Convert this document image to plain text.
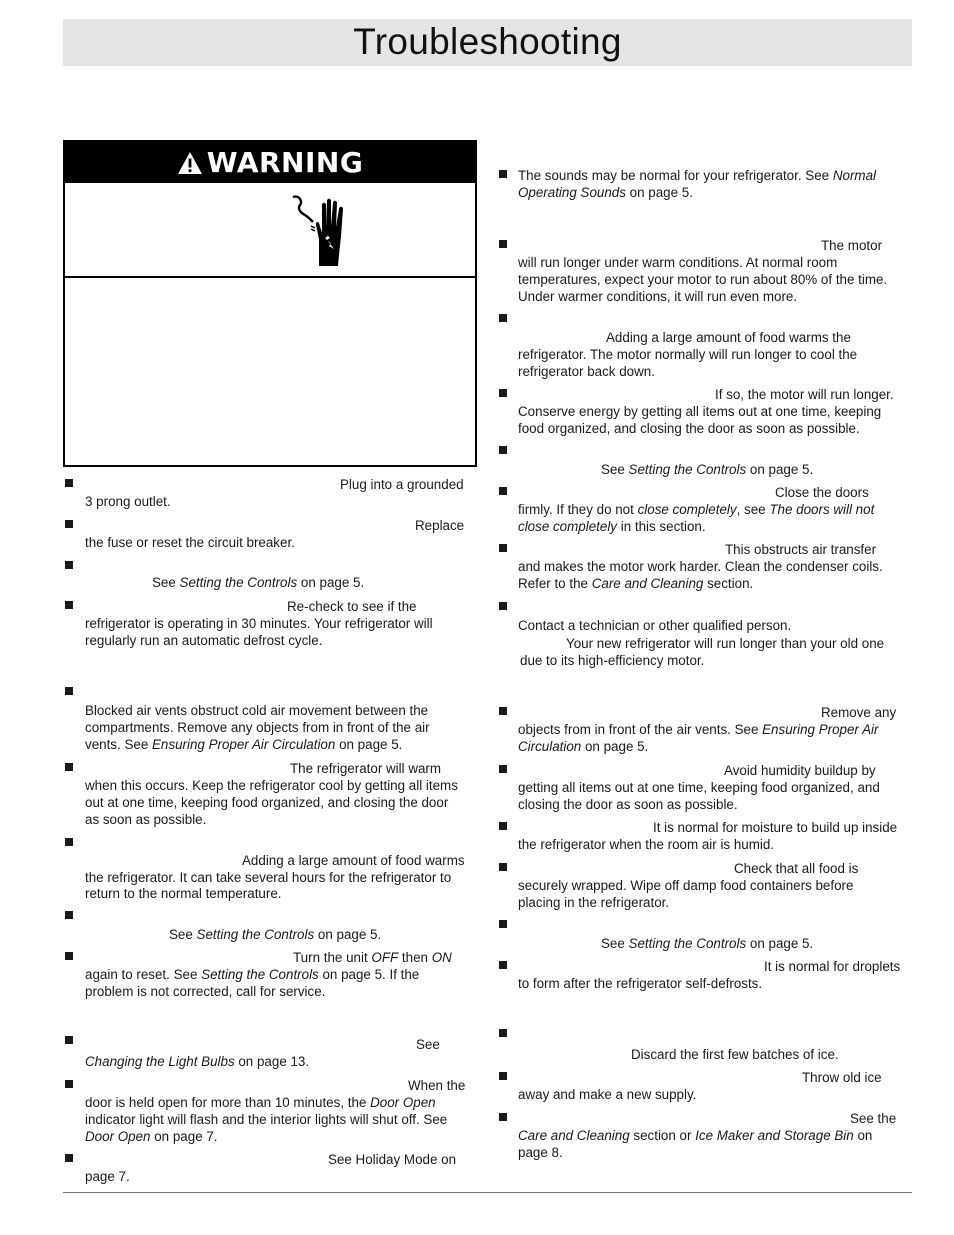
Troubleshooting
WARNING
Plug into a grounded
3 prong outlet.
Replace
the fuse or reset the circuit breaker.
See Setting the Controls on page 5.
Re-check to see if the
refrigerator is operating in 30 minutes. Your refrigerator will
regularly run an automatic defrost cycle.
Blocked air vents obstruct cold air movement between the
compartments. Remove any objects from in front of the air
vents. See Ensuring Proper Air Circulation on page 5.
The refrigerator will warm
when this occurs. Keep the refrigerator cool by getting all items
out at one time, keeping food organized, and closing the door
as soon as possible.
Adding a large amount of food warms
the refrigerator. It can take several hours for the refrigerator to
return to the normal temperature.
See Setting the Controls on page 5.
Turn the unit OFF then ON
again to reset. See Setting the Controls on page 5. If the
problem is not corrected, call for service.
See
Changing the Light Bulbs on page 13.
When the
door is held open for more than 10 minutes, the Door Open
indicator light will flash and the interior lights will shut off. See
Door Open on page 7.
See Holiday Mode on
page 7.
The sounds may be normal for your refrigerator. See Normal
Operating Sounds on page 5.
The motor
will run longer under warm conditions. At normal room
temperatures, expect your motor to run about 80% of the time.
Under warmer conditions, it will run even more.
Adding a large amount of food warms the
refrigerator. The motor normally will run longer to cool the
refrigerator back down.
If so, the motor will run longer.
Conserve energy by getting all items out at one time, keeping
food organized, and closing the door as soon as possible.
See Setting the Controls on page 5.
Close the doors
firmly. If they do not close completely, see The doors will not
close completely in this section.
This obstructs air transfer
and makes the motor work harder. Clean the condenser coils.
Refer to the Care and Cleaning section.
Contact a technician or other qualified person.
Your new refrigerator will run longer than your old one
due to its high-efficiency motor.
Remove any
objects from in front of the air vents. See Ensuring Proper Air
Circulation on page 5.
Avoid humidity buildup by
getting all items out at one time, keeping food organized, and
closing the door as soon as possible.
It is normal for moisture to build up inside
the refrigerator when the room air is humid.
Check that all food is
securely wrapped. Wipe off damp food containers before
placing in the refrigerator.
See Setting the Controls on page 5.
It is normal for droplets
to form after the refrigerator self-defrosts.
Discard the first few batches of ice.
Throw old ice
away and make a new supply.
See the
Care and Cleaning section or Ice Maker and Storage Bin on
page 8.
